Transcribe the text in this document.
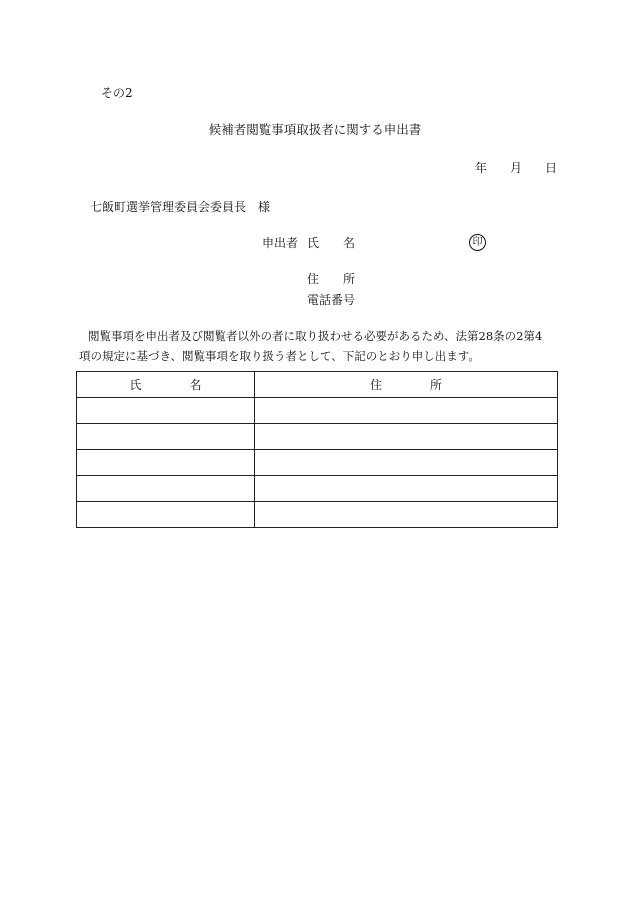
その2
候補者閲覧事項取扱者に関する申出書
年 月 日
七飯町選挙管理委員会委員長　様
申出者 氏　　名	印
住　　所
電話番号
閲覧事項を申出者及び閲覧者以外の者に取り扱わせる必要があるため、法第28条の2第4
項の規定に基づき、閲覧事項を取り扱う者として、下記のとおり申し出ます。
氏　　　　名	住　　　　所
